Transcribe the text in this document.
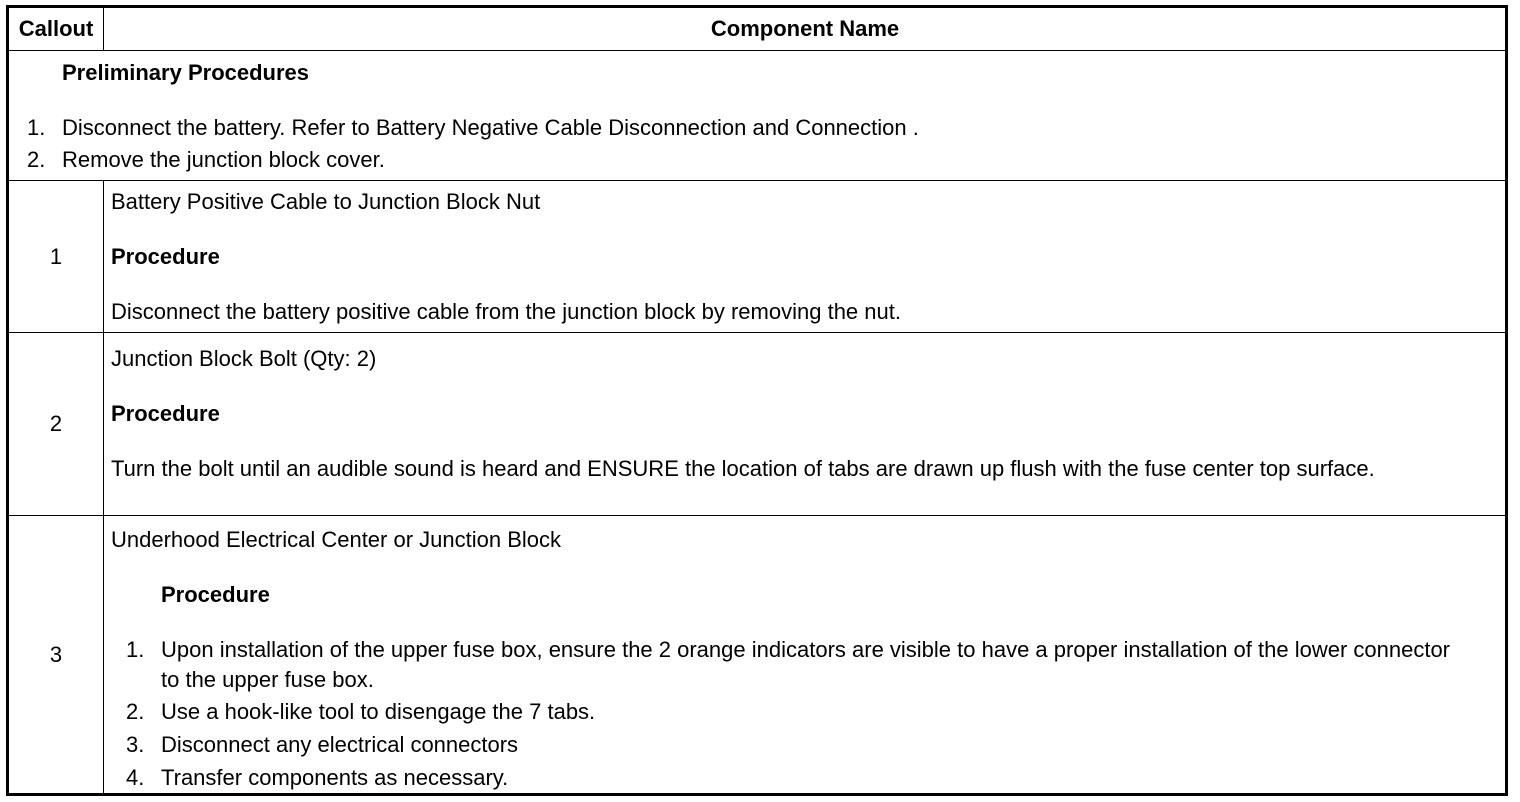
Callout	Component Name
Preliminary Procedures
1. Disconnect the battery. Refer to Battery Negative Cable Disconnection and Connection .
2. Remove the junction block cover.
1
Battery Positive Cable to Junction Block Nut
Procedure
Disconnect the battery positive cable from the junction block by removing the nut.
2
Junction Block Bolt (Qty: 2)
Procedure
Turn the bolt until an audible sound is heard and ENSURE the location of tabs are drawn up flush with the fuse center top surface.
3
Underhood Electrical Center or Junction Block
Procedure
1. Upon installation of the upper fuse box, ensure the 2 orange indicators are visible to have a proper installation of the lower connector to the upper fuse box.
2. Use a hook-like tool to disengage the 7 tabs.
3. Disconnect any electrical connectors
4. Transfer components as necessary.
